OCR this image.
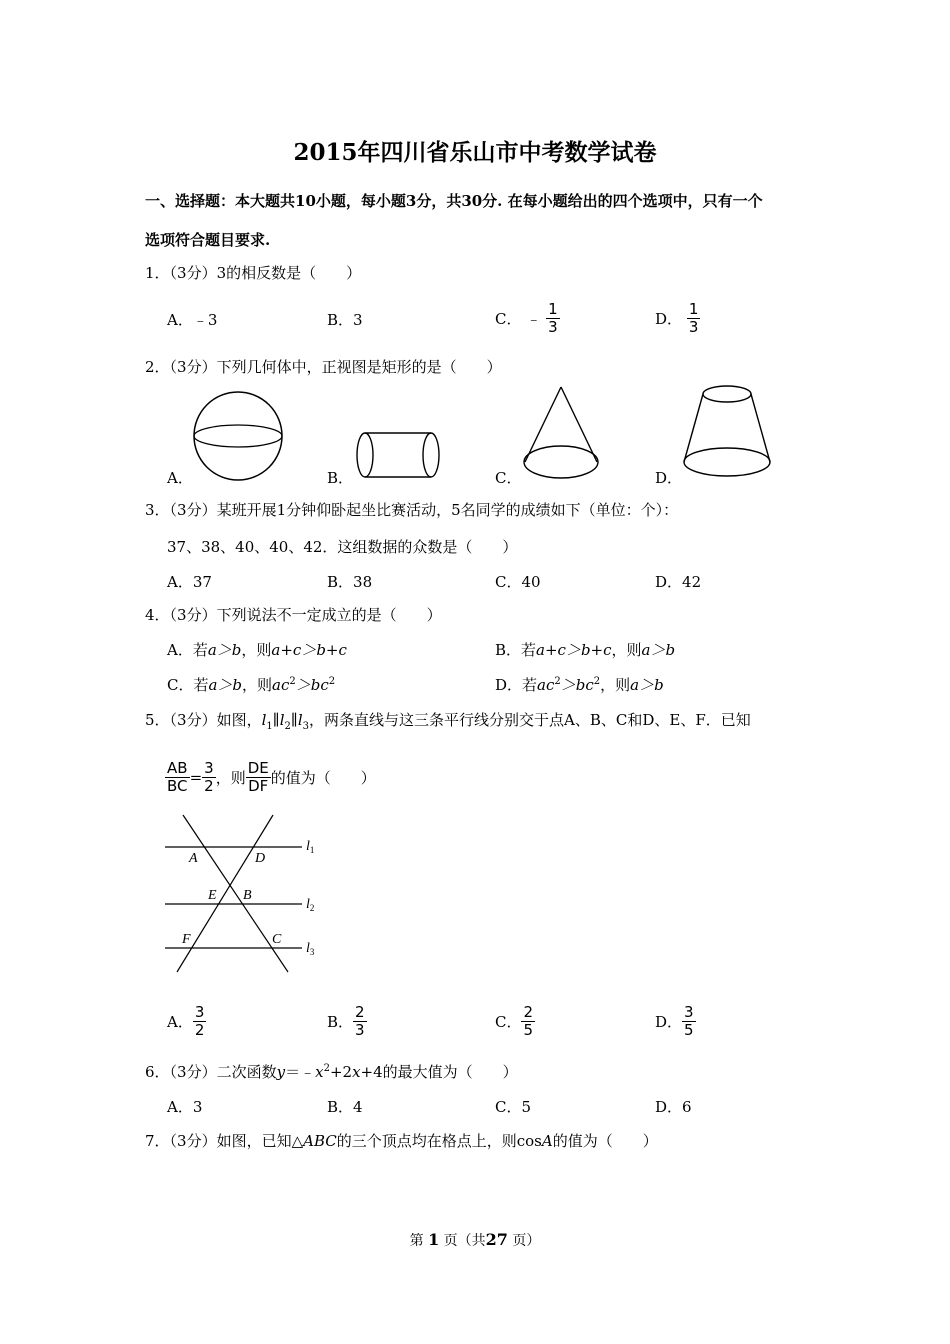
2015年四川省乐山市中考数学试卷
一、选择题：本大题共10小题，每小题3分，共30分. 在每小题给出的四个选项中，只有一个
选项符合题目要求.
1．（3分）3的相反数是（　　）
A．﹣3	B．3	C． ﹣ $\frac{1}{3}$	D． $\frac{1}{3}$
2．（3分）下列几何体中，正视图是矩形的是（　　）
A．	B．	C．	D．
3．（3分）某班开展1分钟仰卧起坐比赛活动，5名同学的成绩如下（单位：个）：
37、38、40、40、42．这组数据的众数是（　　）
A．37	B．38	C．40	D．42
4．（3分）下列说法不一定成立的是（　　）
A．若a＞b，则a+c＞b+c	B．若a+c＞b+c，则a＞b
C．若a＞b，则$ac^2>bc^2$	D．若$ac^2>bc^2$，则a＞b
5．（3分）如图，$l_1\parallel l_2\parallel l_3$，两条直线与这三条平行线分别交于点A、B、C和D、E、F．已知
$\frac{AB}{BC} = \frac{3}{2}$ ，则 $\frac{DE}{DF}$ 的值为（　　）
A	D
E B
F	C
$l_1$
$l_2$
$l_3$
A． $\frac{3}{2}$	B． $\frac{2}{3}$	C． $\frac{2}{5}$	D． $\frac{3}{5}$
6．（3分）二次函数$y=﹣x^2+2x+4$的最大值为（　　）
A．3	B．4	C．5	D．6
7．（3分）如图，已知△ABC的三个顶点均在格点上，则cosA的值为（　　）
第 1 页（共27 页）
